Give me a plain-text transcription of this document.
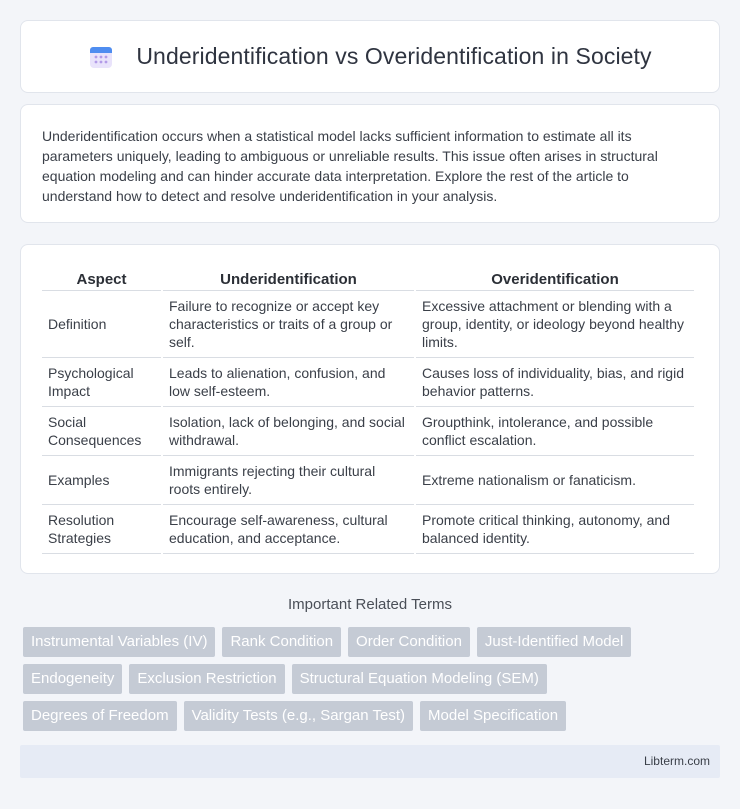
Underidentification vs Overidentification in Society

Underidentification occurs when a statistical model lacks sufficient information to estimate all its parameters uniquely, leading to ambiguous or unreliable results. This issue often arises in structural equation modeling and can hinder accurate data interpretation. Explore the rest of the article to understand how to detect and resolve underidentification in your analysis.

Aspect	Underidentification	Overidentification
Definition	Failure to recognize or accept key characteristics or traits of a group or self.	Excessive attachment or blending with a group, identity, or ideology beyond healthy limits.
Psychological Impact	Leads to alienation, confusion, and low self-esteem.	Causes loss of individuality, bias, and rigid behavior patterns.
Social Consequences	Isolation, lack of belonging, and social withdrawal.	Groupthink, intolerance, and possible conflict escalation.
Examples	Immigrants rejecting their cultural roots entirely.	Extreme nationalism or fanaticism.
Resolution Strategies	Encourage self-awareness, cultural education, and acceptance.	Promote critical thinking, autonomy, and balanced identity.
Important Related Terms
Instrumental Variables (IV)	Rank Condition	Order Condition	Just-Identified Model
Endogeneity	Exclusion Restriction	Structural Equation Modeling (SEM)
Degrees of Freedom	Validity Tests (e.g., Sargan Test)	Model Specification
Libterm.com
